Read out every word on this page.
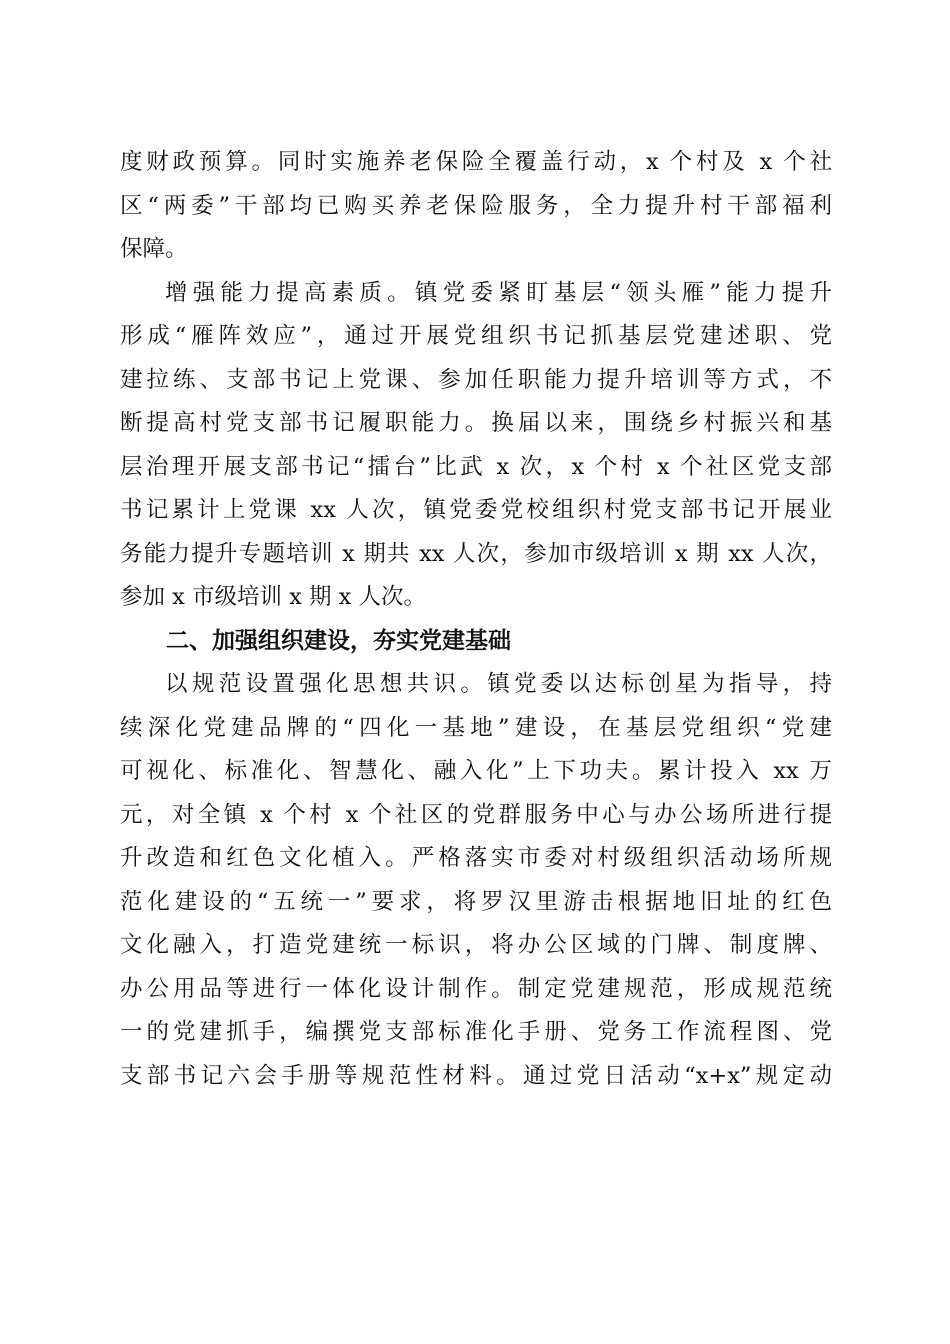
度财政预算。同时实施养老保险全覆盖行动，x 个村及 x 个社
区“两委”干部均已购买养老保险服务，全力提升村干部福利
保障。
增强能力提高素质。镇党委紧盯基层“领头雁”能力提升
形成“雁阵效应”，通过开展党组织书记抓基层党建述职、党
建拉练、支部书记上党课、参加任职能力提升培训等方式，不
断提高村党支部书记履职能力。换届以来，围绕乡村振兴和基
层治理开展支部书记“擂台”比武 x 次，x 个村 x 个社区党支部
书记累计上党课 xx 人次，镇党委党校组织村党支部书记开展业
务能力提升专题培训 x 期共 xx 人次，参加市级培训 x 期 xx 人次，
参加 x 市级培训 x 期 x 人次。
二、加强组织建设，夯实党建基础
以规范设置强化思想共识。镇党委以达标创星为指导，持
续深化党建品牌的“四化一基地”建设，在基层党组织“党建
可视化、标准化、智慧化、融入化”上下功夫。累计投入 xx 万
元，对全镇 x 个村 x 个社区的党群服务中心与办公场所进行提
升改造和红色文化植入。严格落实市委对村级组织活动场所规
范化建设的“五统一”要求，将罗汉里游击根据地旧址的红色
文化融入，打造党建统一标识，将办公区域的门牌、制度牌、
办公用品等进行一体化设计制作。制定党建规范，形成规范统
一的党建抓手，编撰党支部标准化手册、党务工作流程图、党
支部书记六会手册等规范性材料。通过党日活动“x+x”规定动
